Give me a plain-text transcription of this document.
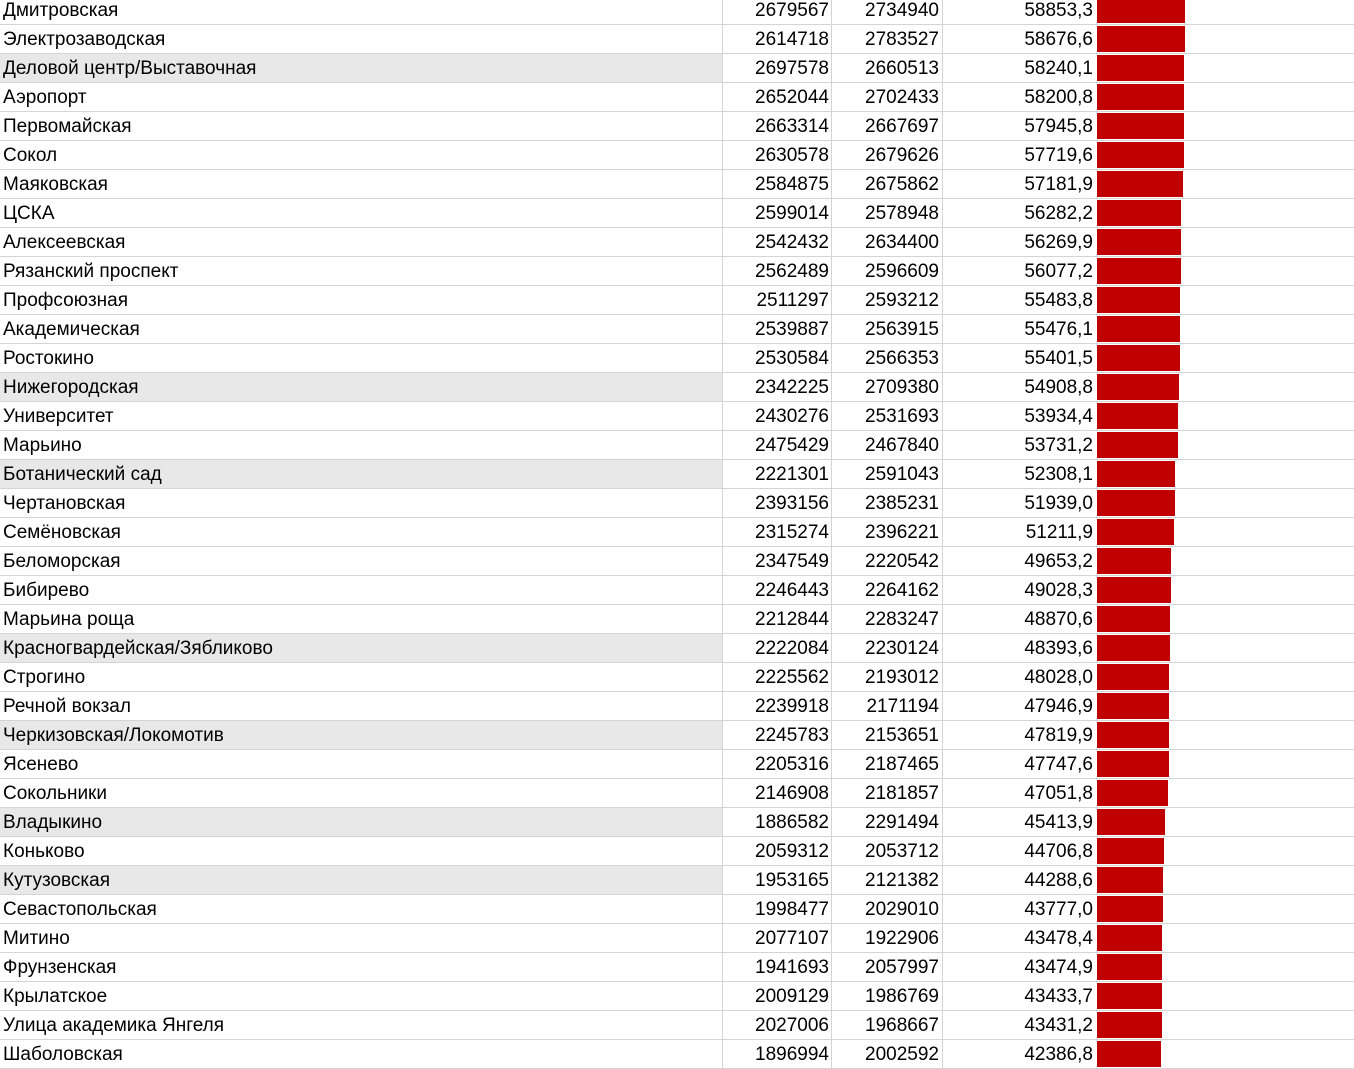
Дмитровская	2679567	2734940	58853,3
Электрозаводская	2614718	2783527	58676,6
Деловой центр/Выставочная	2697578	2660513	58240,1
Аэропорт	2652044	2702433	58200,8
Первомайская	2663314	2667697	57945,8
Сокол	2630578	2679626	57719,6
Маяковская	2584875	2675862	57181,9
ЦСКА	2599014	2578948	56282,2
Алексеевская	2542432	2634400	56269,9
Рязанский проспект	2562489	2596609	56077,2
Профсоюзная	2511297	2593212	55483,8
Академическая	2539887	2563915	55476,1
Ростокино	2530584	2566353	55401,5
Нижегородская	2342225	2709380	54908,8
Университет	2430276	2531693	53934,4
Марьино	2475429	2467840	53731,2
Ботанический сад	2221301	2591043	52308,1
Чертановская	2393156	2385231	51939,0
Семёновская	2315274	2396221	51211,9
Беломорская	2347549	2220542	49653,2
Бибирево	2246443	2264162	49028,3
Марьина роща	2212844	2283247	48870,6
Красногвардейская/Зябликово	2222084	2230124	48393,6
Строгино	2225562	2193012	48028,0
Речной вокзал	2239918	2171194	47946,9
Черкизовская/Локомотив	2245783	2153651	47819,9
Ясенево	2205316	2187465	47747,6
Сокольники	2146908	2181857	47051,8
Владыкино	1886582	2291494	45413,9
Коньково	2059312	2053712	44706,8
Кутузовская	1953165	2121382	44288,6
Севастопольская	1998477	2029010	43777,0
Митино	2077107	1922906	43478,4
Фрунзенская	1941693	2057997	43474,9
Крылатское	2009129	1986769	43433,7
Улица академика Янгеля	2027006	1968667	43431,2
Шаболовская	1896994	2002592	42386,8
